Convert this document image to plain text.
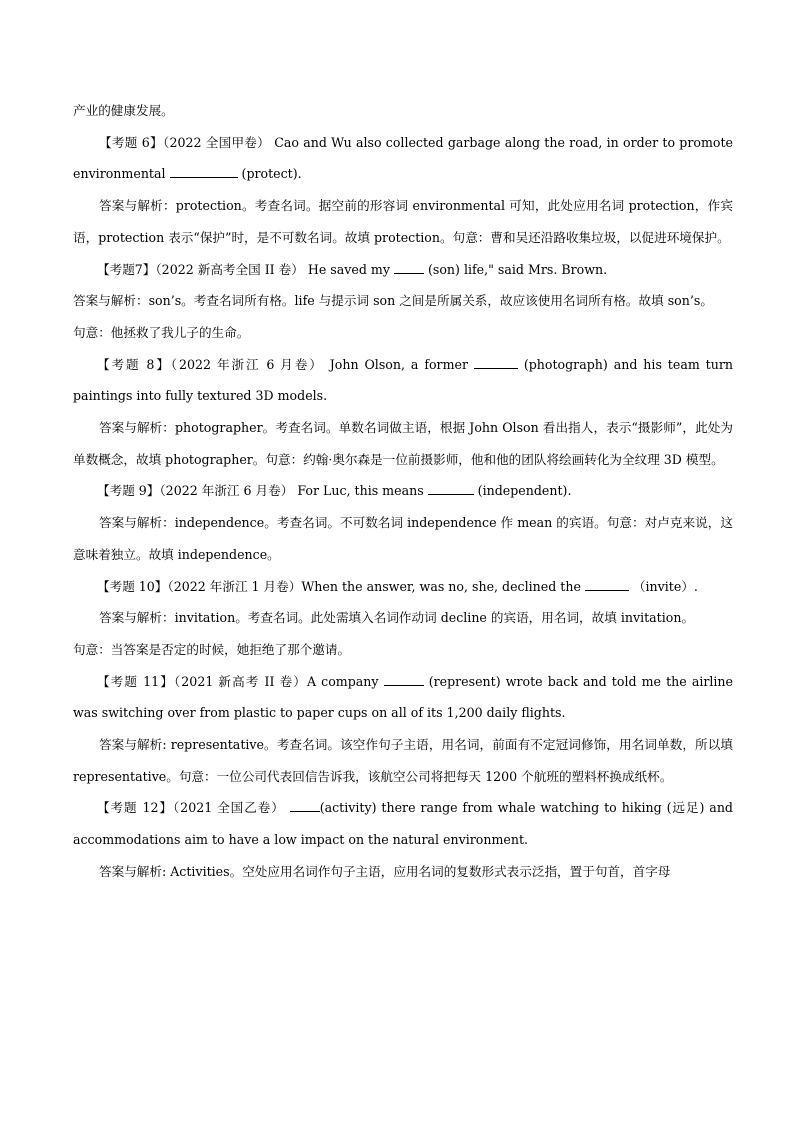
产业的健康发展。

【考题 6】（2022 全国甲卷） Cao and Wu also collected garbage along the road, in order to promote environmental	(protect).

答案与解析：protection。考查名词。据空前的形容词 environmental 可知，此处应用名词 protection，作宾语，protection 表示“保护”时，是不可数名词。故填 protection。句意：曹和吴还沿路收集垃圾，以促进环境保护。

【考题7】（2022 新高考全国 II 卷） He saved my  (son) life," said Mrs. Brown.

答案与解析：son’s。考查名词所有格。life 与提示词 son 之间是所属关系，故应该使用名词所有格。故填 son’s。

句意：他拯救了我儿子的生命。

【考题 8】（2022 年浙江 6 月卷） John Olson, a former	(photograph) and his team turn paintings into fully textured 3D models.

答案与解析：photographer。考查名词。单数名词做主语，根据 John Olson 看出指人，表示“摄影师”，此处为单数概念，故填 photographer。句意：约翰·奥尔森是一位前摄影师，他和他的团队将绘画转化为全纹理 3D 模型。

【考题 9】（2022 年浙江 6 月卷） For Luc, this means	(independent).

答案与解析：independence。考查名词。不可数名词 independence 作 mean 的宾语。句意：对卢克来说，这意味着独立。故填 independence。

【考题 10】（2022 年浙江 1 月卷）When the answer, was no, she, declined the	（invite）.

答案与解析：invitation。考查名词。此处需填入名词作动词 decline 的宾语，用名词，故填 invitation。

句意：当答案是否定的时候，她拒绝了那个邀请。

【考题 11】（2021 新高考 II 卷）A company	(represent) wrote back and told me the airline was switching over from plastic to paper cups on all of its 1,200 daily flights.

答案与解析: representative。考查名词。该空作句子主语，用名词，前面有不定冠词修饰，用名词单数，所以填 representative。句意：一位公司代表回信告诉我，该航空公司将把每天 1200 个航班的塑料杯换成纸杯。

【考题 12】（2021 全国乙卷）	(activity) there range from whale watching to hiking (远足) and accommodations aim to have a low impact on the natural environment.

答案与解析: Activities。空处应用名词作句子主语，应用名词的复数形式表示泛指，置于句首，首字母
